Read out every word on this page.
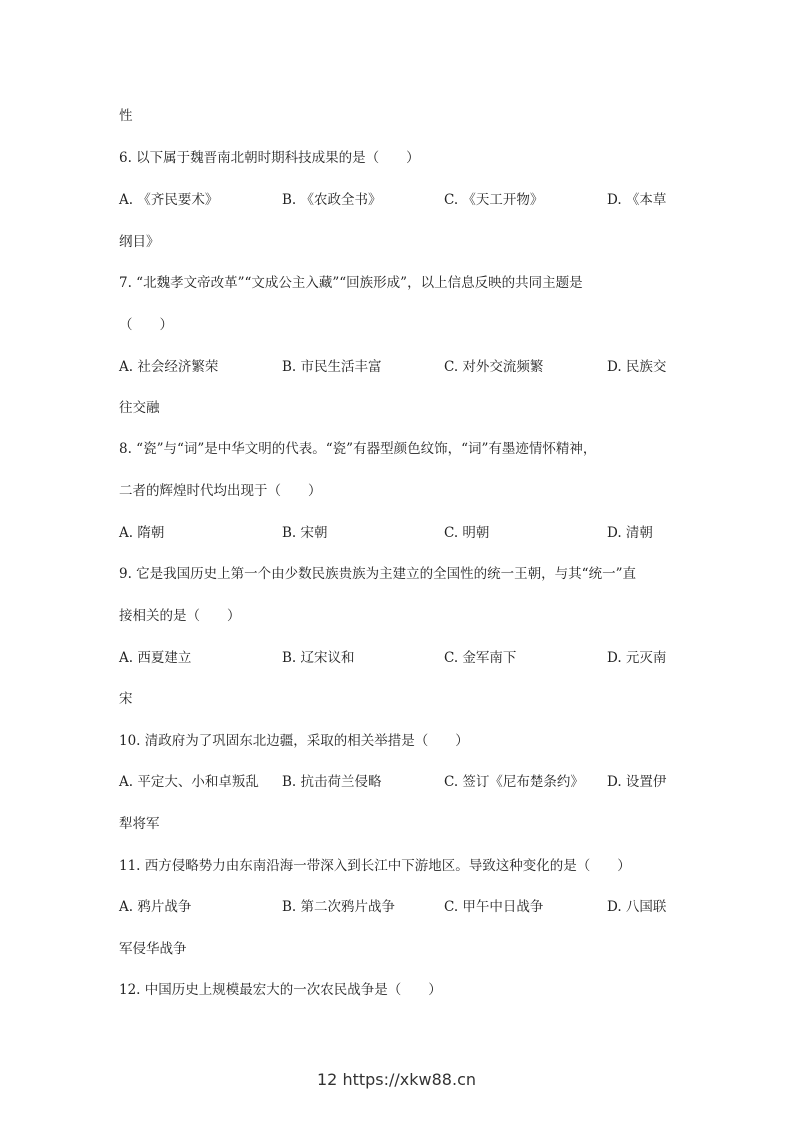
性
6. 以下属于魏晋南北朝时期科技成果的是（　　）
A. 《齐民要术》	B. 《农政全书》	C. 《天工开物》	D. 《本草
纲目》
7. “北魏孝文帝改革”“文成公主入藏”“回族形成”，以上信息反映的共同主题是
（　　）
A. 社会经济繁荣	B. 市民生活丰富	C. 对外交流频繁	D. 民族交
往交融
8. “瓷”与“词”是中华文明的代表。“瓷”有器型颜色纹饰，“词”有墨迹情怀精神，
二者的辉煌时代均出现于（　　）
A. 隋朝	B. 宋朝	C. 明朝	D. 清朝
9. 它是我国历史上第一个由少数民族贵族为主建立的全国性的统一王朝，与其“统一”直
接相关的是（　　）
A. 西夏建立	B. 辽宋议和	C. 金军南下	D. 元灭南
宋
10. 清政府为了巩固东北边疆，采取的相关举措是（　　）
A. 平定大、小和卓叛乱 B. 抗击荷兰侵略	C. 签订《尼布楚条约》 D. 设置伊
犁将军
11. 西方侵略势力由东南沿海一带深入到长江中下游地区。导致这种变化的是（　　）
A. 鸦片战争	B. 第二次鸦片战争	C. 甲午中日战争	D. 八国联
军侵华战争
12. 中国历史上规模最宏大的一次农民战争是（　　）
12 https://xkw88.cn
